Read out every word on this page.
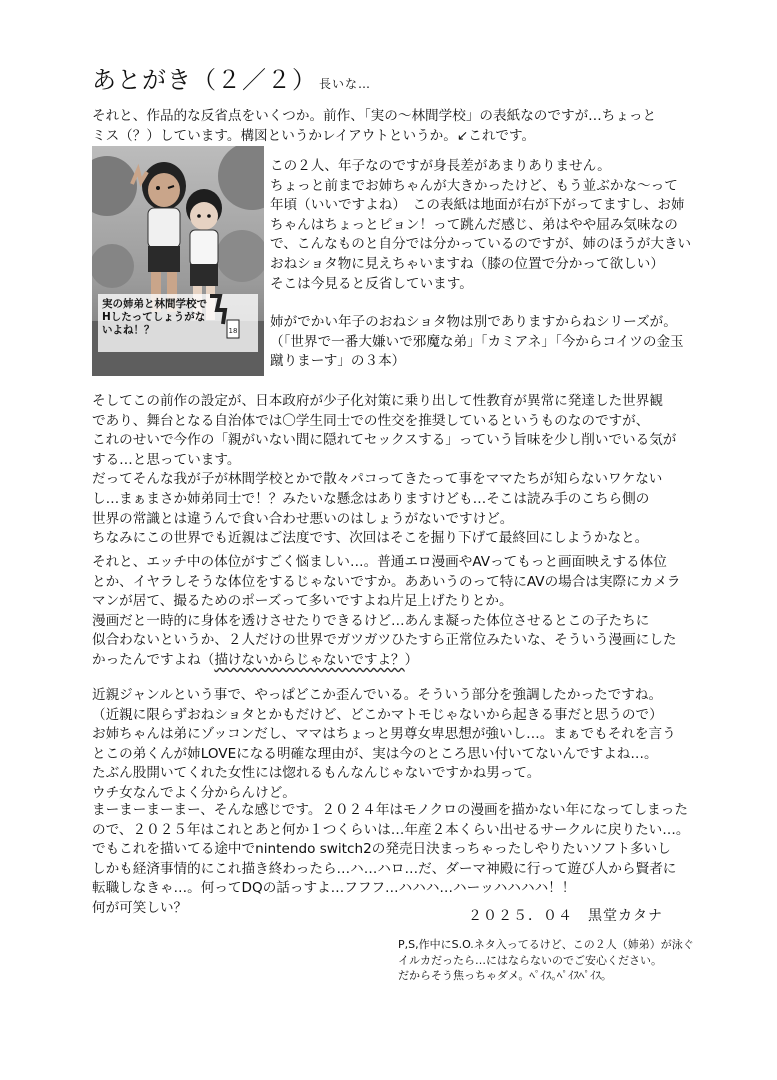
あとがき（２／２） 長いな…

それと、作品的な反省点をいくつか。前作、「実の〜林間学校」の表紙なのですが…ちょっと
ミス（？）しています。構図というかレイアウトというか。↙これです。

18
実の姉弟と林間学校でHしたってしょうがないよね！？

この２人、年子なのですが身長差があまりありません。
ちょっと前までお姉ちゃんが大きかったけど、もう並ぶかな〜って
年頃（いいですよね）　この表紙は地面が右が下がってますし、お姉
ちゃんはちょっとピョン！って跳んだ感じ、弟はやや屈み気味なの
で、こんなものと自分では分かっているのですが、姉のほうが大きい
おねショタ物に見えちゃいますね（膝の位置で分かって欲しい）
そこは今見ると反省しています。

姉がでかい年子のおねショタ物は別でありますからねシリーズが。
（「世界で一番大嫌いで邪魔な弟」「カミアネ」「今からコイツの金玉
蹴りまーす」の３本）

そしてこの前作の設定が、日本政府が少子化対策に乗り出して性教育が異常に発達した世界観
であり、舞台となる自治体では〇学生同士での性交を推奨しているというものなのですが、
これのせいで今作の「親がいない間に隠れてセックスする」っていう旨味を少し削いでいる気が
する…と思っています。
だってそんな我が子が林間学校とかで散々パコってきたって事をママたちが知らないワケない
し…まぁまさか姉弟同士で！？みたいな懸念はありますけども…そこは読み手のこちら側の
世界の常識とは違うんで食い合わせ悪いのはしょうがないですけど。
ちなみにこの世界でも近親はご法度です、次回はそこを掘り下げて最終回にしようかなと。

それと、エッチ中の体位がすごく悩ましい…。普通エロ漫画やAVってもっと画面映えする体位
とか、イヤラしそうな体位をするじゃないですか。ああいうのって特にAVの場合は実際にカメラ
マンが居て、撮るためのポーズって多いですよね片足上げたりとか。
漫画だと一時的に身体を透けさせたりできるけど…あんま凝った体位させるとこの子たちに
似合わないというか、２人だけの世界でガツガツひたすら正常位みたいな、そういう漫画にした
かったんですよね（描けないからじゃないですよ？）

近親ジャンルという事で、やっぱどこか歪んでいる。そういう部分を強調したかったですね。
（近親に限らずおねショタとかもだけど、どこかマトモじゃないから起きる事だと思うので）
お姉ちゃんは弟にゾッコンだし、ママはちょっと男尊女卑思想が強いし…。まぁでもそれを言う
とこの弟くんが姉LOVEになる明確な理由が、実は今のところ思い付いてないんですよね…。
たぶん股開いてくれた女性には惚れるもんなんじゃないですかね男って。
ウチ女なんでよく分からんけど。

まーまーまーまー、そんな感じです。２０２４年はモノクロの漫画を描かない年になってしまった
ので、２０２５年はこれとあと何か１つくらいは…年産２本くらい出せるサークルに戻りたい…。
でもこれを描いてる途中でnintendo switch2の発売日決まっちゃったしやりたいソフト多いし
しかも経済事情的にこれ描き終わったら…ハ…ハロ…だ、ダーマ神殿に行って遊び人から賢者に
転職しなきゃ…。何ってDQの話っすよ…フフフ…ハハハ…ハーッハハハハ！！
何が可笑しい？

２０２５．０４　黒堂カタナ

P,S,作中にS.O.ネタ入ってるけど、この２人（姉弟）が泳ぐ
イルカだったら…にはならないのでご安心ください。
だからそう焦っちゃダメ。ﾍﾟｲｽ｡ﾍﾟｲｽﾍﾟｲｽ｡
